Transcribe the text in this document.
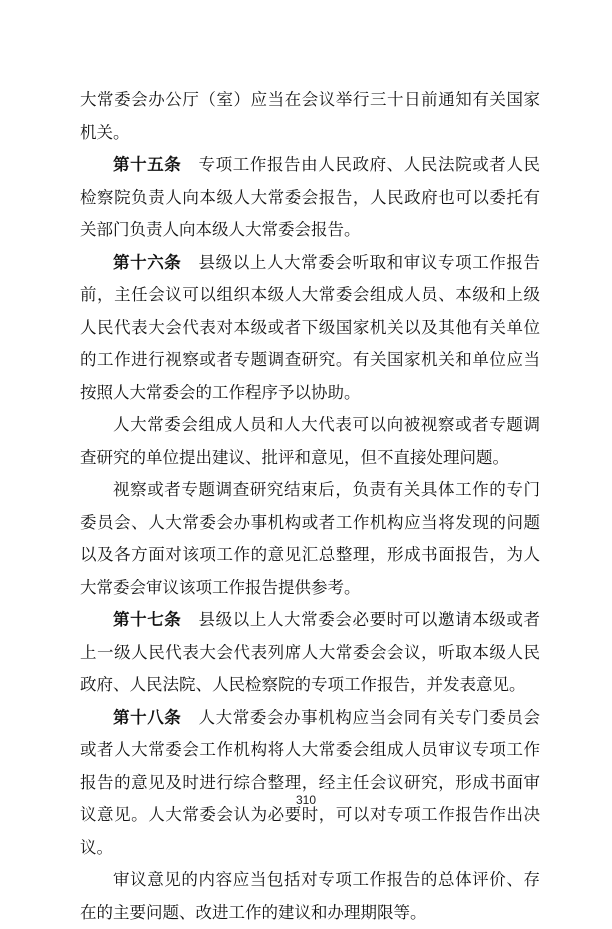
大常委会办公厅（室）应当在会议举行三十日前通知有关国家机关。

第十五条　专项工作报告由人民政府、人民法院或者人民检察院负责人向本级人大常委会报告，人民政府也可以委托有关部门负责人向本级人大常委会报告。

第十六条　县级以上人大常委会听取和审议专项工作报告前，主任会议可以组织本级人大常委会组成人员、本级和上级人民代表大会代表对本级或者下级国家机关以及其他有关单位的工作进行视察或者专题调查研究。有关国家机关和单位应当按照人大常委会的工作程序予以协助。

人大常委会组成人员和人大代表可以向被视察或者专题调查研究的单位提出建议、批评和意见，但不直接处理问题。

视察或者专题调查研究结束后，负责有关具体工作的专门委员会、人大常委会办事机构或者工作机构应当将发现的问题以及各方面对该项工作的意见汇总整理，形成书面报告，为人大常委会审议该项工作报告提供参考。

第十七条　县级以上人大常委会必要时可以邀请本级或者上一级人民代表大会代表列席人大常委会会议，听取本级人民政府、人民法院、人民检察院的专项工作报告，并发表意见。

第十八条　人大常委会办事机构应当会同有关专门委员会或者人大常委会工作机构将人大常委会组成人员审议专项工作报告的意见及时进行综合整理，经主任会议研究，形成书面审议意见。人大常委会认为必要时，可以对专项工作报告作出决议。

审议意见的内容应当包括对专项工作报告的总体评价、存在的主要问题、改进工作的建议和办理期限等。

310
